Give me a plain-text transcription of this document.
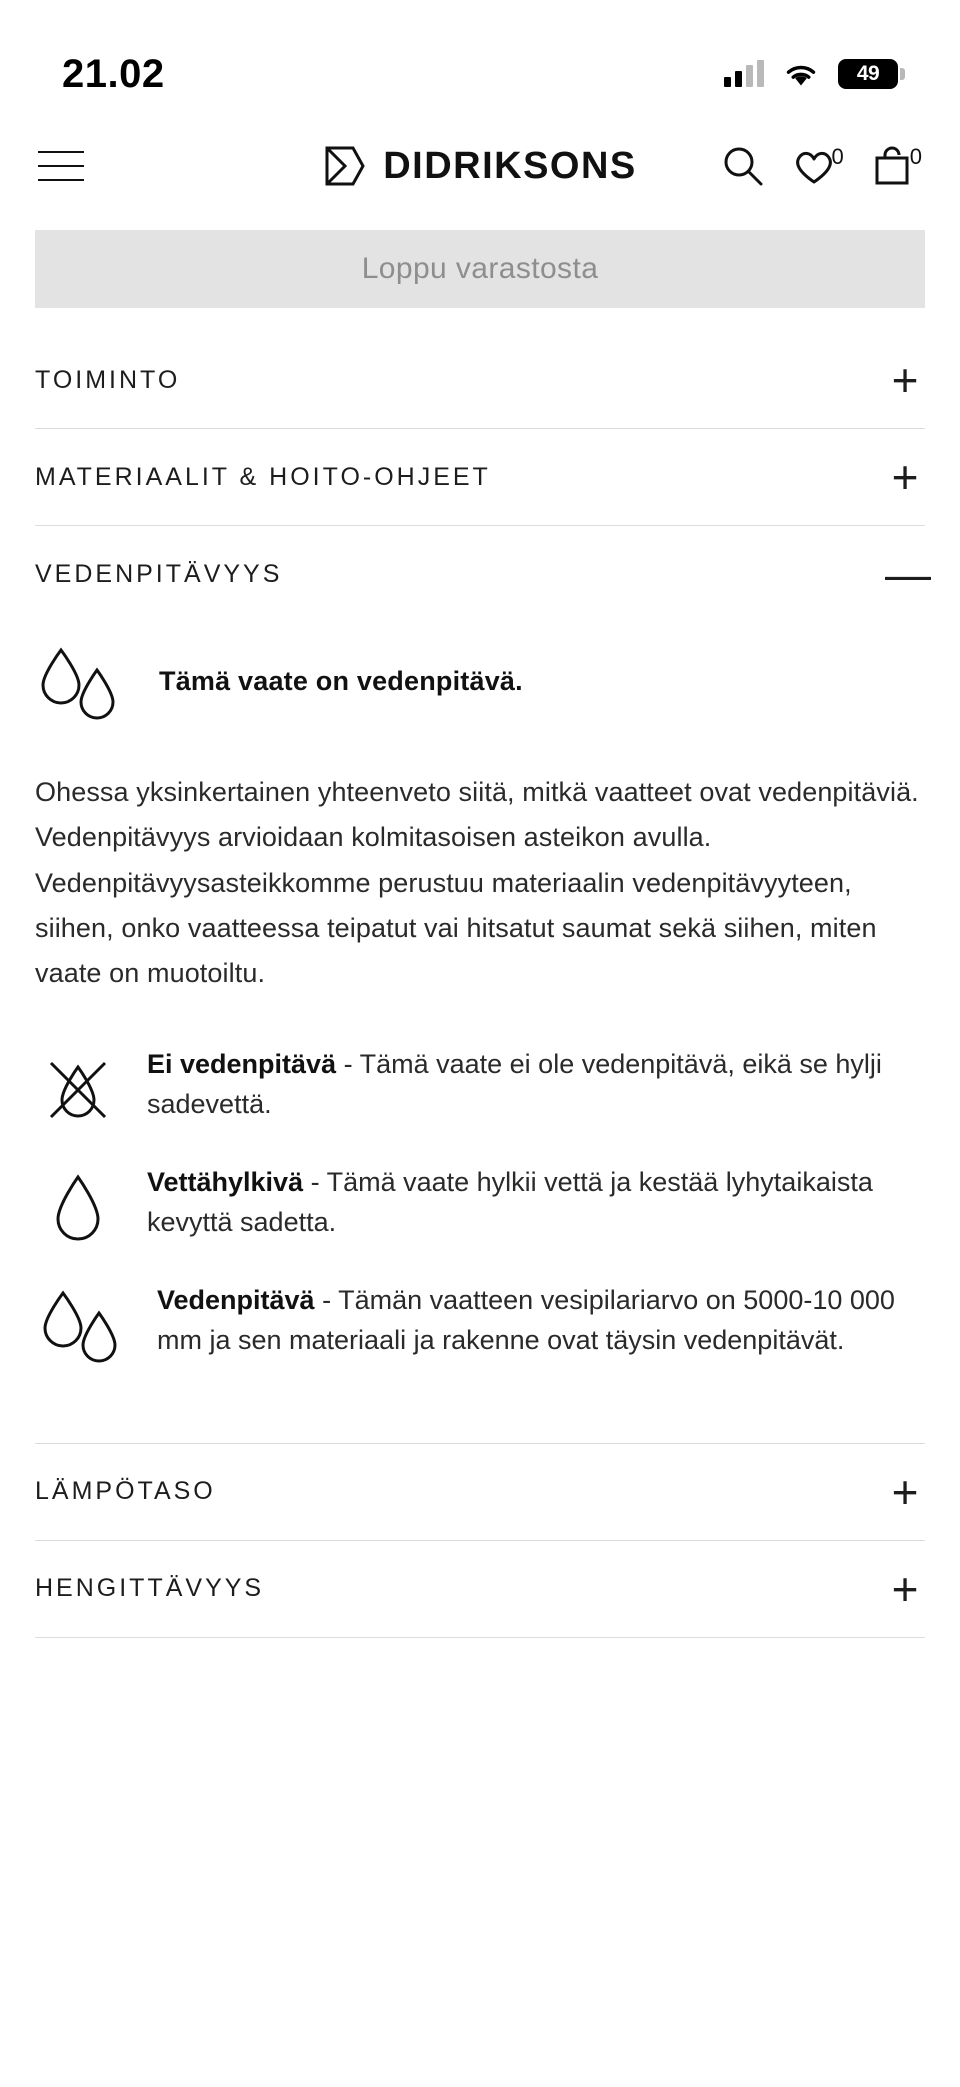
21.02	49
DIDRIKSONS	0	0
Loppu varastosta
TOIMINTO	+
MATERIAALIT & HOITO-OHJEET	+
VEDENPITÄVYYS	—
Tämä vaate on vedenpitävä.

Ohessa yksinkertainen yhteenveto siitä, mitkä vaatteet ovat vedenpitäviä. Vedenpitävyys arvioidaan kolmitasoisen asteikon avulla. Vedenpitävyysasteikkomme perustuu materiaalin vedenpitävyyteen, siihen, onko vaatteessa teipatut vai hitsatut saumat sekä siihen, miten vaate on muotoiltu.

Ei vedenpitävä - Tämä vaate ei ole vedenpitävä, eikä se hylji sadevettä.
Vettähylkivä - Tämä vaate hylkii vettä ja kestää lyhytaikaista kevyttä sadetta.
Vedenpitävä - Tämän vaatteen vesipilariarvo on 5000-10 000 mm ja sen materiaali ja rakenne ovat täysin vedenpitävät.
LÄMPÖTASO	+
HENGITTÄVYYS	+
